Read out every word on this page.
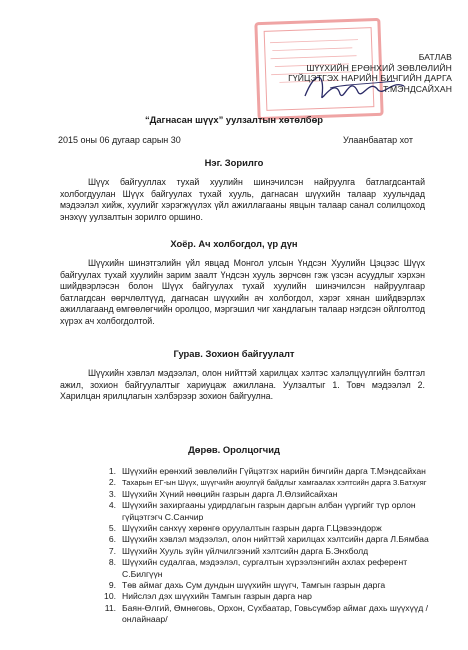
БАТЛАВ
ШҮҮХИЙН ЕРӨНХИЙ ЗӨВЛӨЛИЙН
ГҮЙЦЭТГЭХ НАРИЙН БИЧГИЙН ДАРГА
Т.МЭНДСАЙХАН
“Дагнасан шүүх” уулзалтын хөтөлбөр
2015 оны 06 дугаар сарын 30	Улаанбаатар хот
Нэг. Зорилго
Шүүх байгууллах тухай хуулийн шинэчилсэн найруулга батлагдсантай холбогдуулан Шүүх байгуулах тухай хууль, дагнасан шүүхийн талаар хуульчдад мэдээлэл хийж, хуулийг хэрэгжүүлэх үйл ажиллагааны явцын талаар санал солилцоход энэхүү уулзалтын зорилго оршино.
Хоёр. Ач холбогдол, үр дүн
Шүүхийн шинэтгэлийн үйл явцад Монгол улсын Үндсэн Хуулийн Цэцээс Шүүх байгуулах тухай хуулийн зарим заалт Үндсэн хууль зөрчсөн гэж үзсэн асуудлыг хэрхэн шийдвэрлэсэн болон Шүүх байгуулах тухай хуулийн шинэчилсэн найруулгаар батлагдсан өөрчлөлтүүд, дагнасан шүүхийн ач холбогдол, хэрэг хянан шийдвэрлэх ажиллагаанд өмгөөлөгчийн оролцоо, мэргэшил чиг хандлагын талаар нэгдсэн ойлголтод хүрэх ач холбогдолтой.
Гурав. Зохион байгуулалт
Шүүхийн хэвлэл мэдээлэл, олон нийттэй харилцах хэлтэс хэлэлцүүлгийн бэлтгэл ажил, зохион байгуулалтыг хариуцаж ажиллана. Уулзалтыг 1. Товч мэдээлэл 2. Харилцан ярилцлагын хэлбэрээр зохион байгуулна.
Дөрөв. Оролцогчид
1. Шүүхийн ерөнхий зөвлөлийн Гүйцэтгэх нарийн бичгийн дарга Т.Мэндсайхан
2. Тахарын ЕГ-ын Шүүх, шүүгчийн аюулгүй байдлыг хамгаалах хэлтсийн дарга З.Батхуяг
3. Шүүхийн Хүний нөөцийн газрын дарга Л.Өлзийсайхан
4. Шүүхийн захиргааны удирдлагын газрын даргын албан үүргийг түр орлон гүйцэтгэгч С.Санчир
5. Шүүхийн санхүү хөрөнгө оруулалтын газрын дарга Г.Цэвээндорж
6. Шүүхийн хэвлэл мэдээлэл, олон нийттэй харилцах хэлтсийн дарга Л.Бямбаа
7. Шүүхийн Хууль зүйн үйлчилгээний хэлтсийн дарга Б.Энхболд
8. Шүүхийн судалгаа, мэдээлэл, сургалтын хүрээлэнгийн ахлах референт С.Билгүүн
9. Төв аймаг дахь Сум дундын шүүхийн шүүгч, Тамгын газрын дарга
10. Нийслэл дэх шүүхийн Тамгын газрын дарга нар
11. Баян-Өлгий, Өмнөговь, Орхон, Сүхбаатар, Говьсүмбэр аймаг дахь шүүхүүд /онлайнаар/
